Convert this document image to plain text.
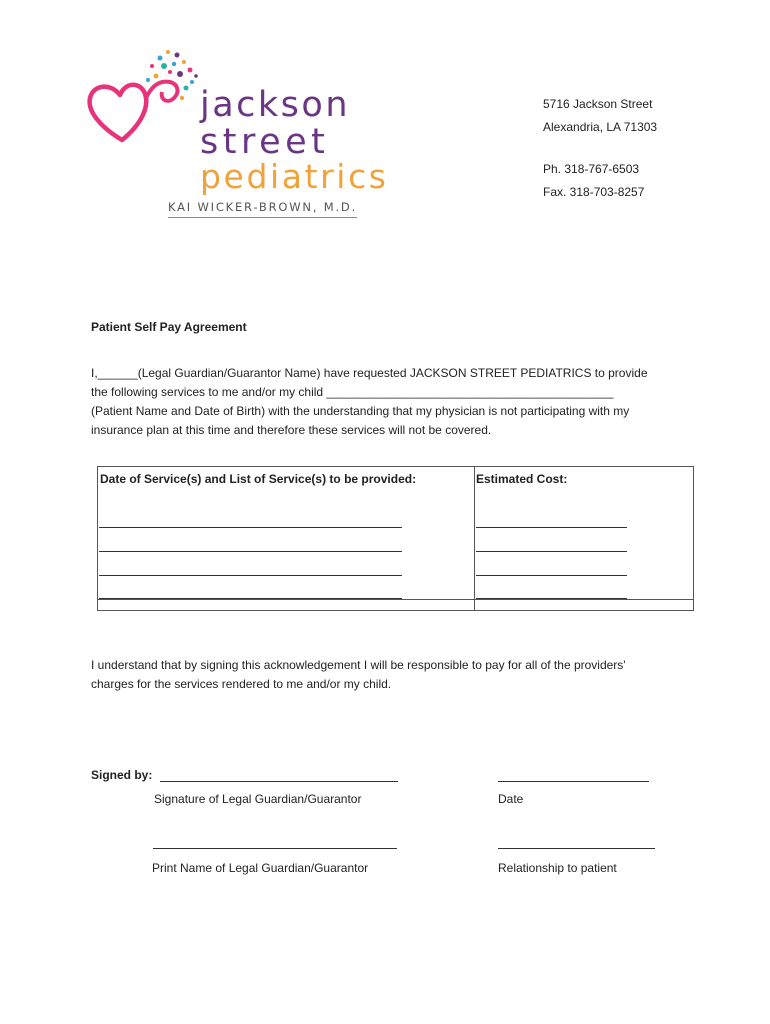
jackson
street
pediatrics
KAI WICKER-BROWN, M.D.
5716 Jackson Street
Alexandria, LA 71303
Ph. 318-767-6503
Fax. 318-703-8257
Patient Self Pay Agreement
I,______(Legal Guardian/Guarantor Name) have requested JACKSON STREET PEDIATRICS to provide
the following services to me and/or my child ___________________________________________
(Patient Name and Date of Birth) with the understanding that my physician is not participating with my
insurance plan at this time and therefore these services will not be covered.
Date of Service(s) and List of Service(s) to be provided:	Estimated Cost:
I understand that by signing this acknowledgement I will be responsible to pay for all of the providers'
charges for the services rendered to me and/or my child.
Signed by:
Signature of Legal Guardian/Guarantor	Date
Print Name of Legal Guardian/Guarantor	Relationship to patient
